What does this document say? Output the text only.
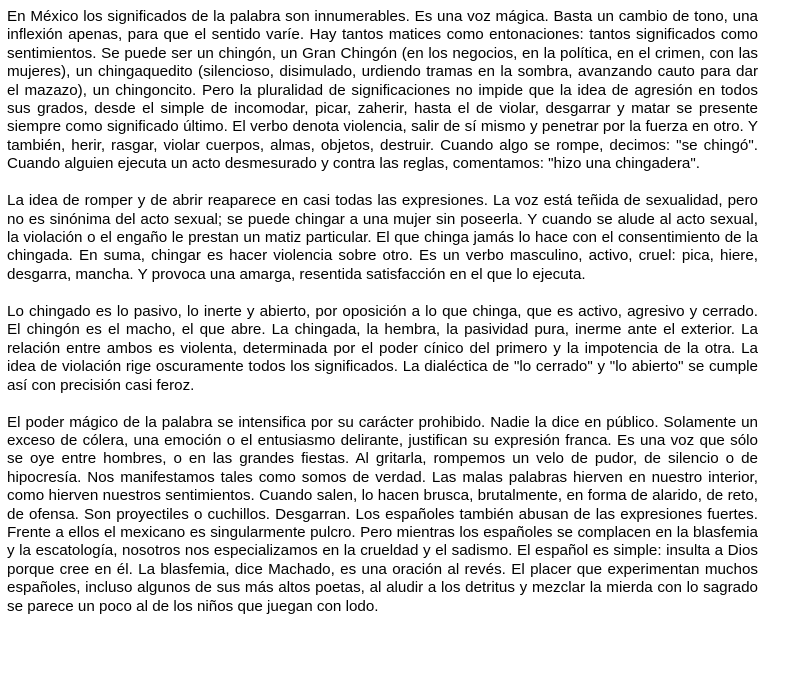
En México los significados de la palabra son innumerables. Es una voz mágica. Basta un cambio de tono, una inflexión apenas, para que el sentido varíe. Hay tantos matices como entonaciones: tantos significados como sentimientos. Se puede ser un chingón, un Gran Chingón (en los negocios, en la política, en el crimen, con las mujeres), un chingaquedito (silencioso, disimulado, urdiendo tramas en la sombra, avanzando cauto para dar el mazazo), un chingoncito. Pero la pluralidad de significaciones no impide que la idea de agresión en todos sus grados, desde el simple de incomodar, picar, zaherir, hasta el de violar, desgarrar y matar se presente siempre como significado último. El verbo denota violencia, salir de sí mismo y penetrar por la fuerza en otro. Y también, herir, rasgar, violar cuerpos, almas, objetos, destruir. Cuando algo se rompe, decimos: "se chingó". Cuando alguien ejecuta un acto desmesurado y contra las reglas, comentamos: "hizo una chingadera".

La idea de romper y de abrir reaparece en casi todas las expresiones. La voz está teñida de sexualidad, pero no es sinónima del acto sexual; se puede chingar a una mujer sin poseerla. Y cuando se alude al acto sexual, la violación o el engaño le prestan un matiz particular. El que chinga jamás lo hace con el consentimiento de la chingada. En suma, chingar es hacer violencia sobre otro. Es un verbo masculino, activo, cruel: pica, hiere, desgarra, mancha. Y provoca una amarga, resentida satisfacción en el que lo ejecuta.

Lo chingado es lo pasivo, lo inerte y abierto, por oposición a lo que chinga, que es activo, agresivo y cerrado. El chingón es el macho, el que abre. La chingada, la hembra, la pasividad pura, inerme ante el exterior. La relación entre ambos es violenta, determinada por el poder cínico del primero y la impotencia de la otra. La idea de violación rige oscuramente todos los significados. La dialéctica de "lo cerrado" y "lo abierto" se cumple así con precisión casi feroz.

El poder mágico de la palabra se intensifica por su carácter prohibido. Nadie la dice en público. Solamente un exceso de cólera, una emoción o el entusiasmo delirante, justifican su expresión franca. Es una voz que sólo se oye entre hombres, o en las grandes fiestas. Al gritarla, rompemos un velo de pudor, de silencio o de hipocresía. Nos manifestamos tales como somos de verdad. Las malas palabras hierven en nuestro interior, como hierven nuestros sentimientos. Cuando salen, lo hacen brusca, brutalmente, en forma de alarido, de reto, de ofensa. Son proyectiles o cuchillos. Desgarran. Los españoles también abusan de las expresiones fuertes. Frente a ellos el mexicano es singularmente pulcro. Pero mientras los españoles se complacen en la blasfemia y la escatología, nosotros nos especializamos en la crueldad y el sadismo. El español es simple: insulta a Dios porque cree en él. La blasfemia, dice Machado, es una oración al revés. El placer que experimentan muchos españoles, incluso algunos de sus más altos poetas, al aludir a los detritus y mezclar la mierda con lo sagrado se parece un poco al de los niños que juegan con lodo.
